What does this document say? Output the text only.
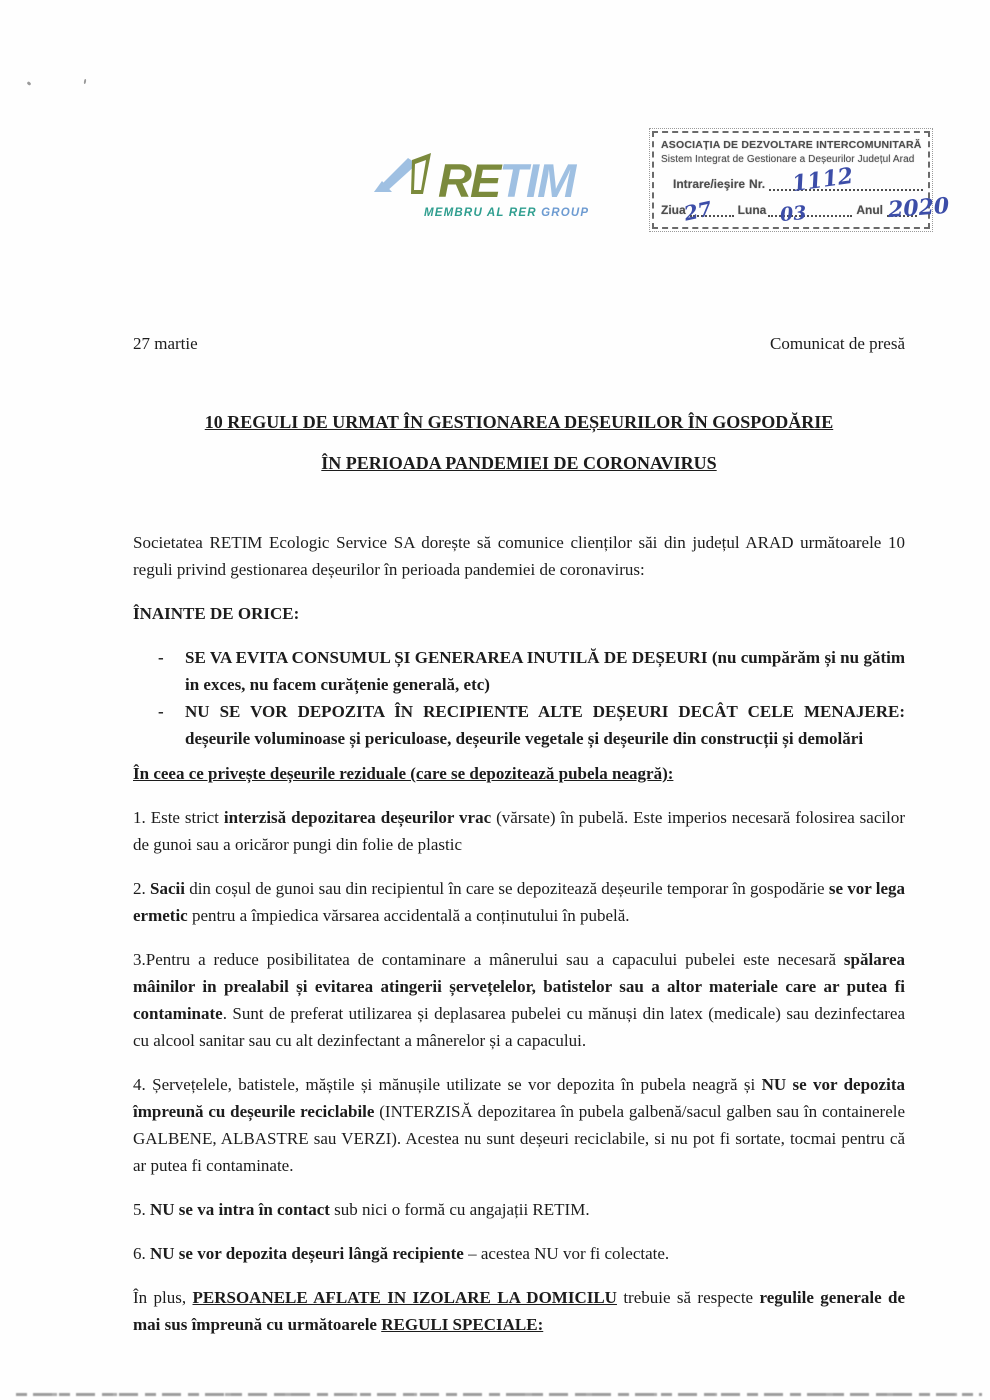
RETIM
MEMBRU AL RER GROUP
ASOCIAȚIA DE DEZVOLTARE INTERCOMUNITARĂ
Sistem Integrat de Gestionare a Deșeurilor Județul Arad
Intrare/ieşire Nr.
Ziua	Luna	Anul
1112
27	03	2020
27 martie	Comunicat de presă
10 REGULI DE URMAT ÎN GESTIONAREA DEȘEURILOR ÎN GOSPODĂRIE
ÎN PERIOADA PANDEMIEI DE CORONAVIRUS

Societatea RETIM Ecologic Service SA dorește să comunice clienților săi din județul ARAD următoarele 10 reguli privind gestionarea deșeurilor în perioada pandemiei de coronavirus:

ÎNAINTE DE ORICE:

- SE VA EVITA CONSUMUL ȘI GENERAREA INUTILĂ DE DEȘEURI (nu cumpărăm și nu gătim in exces, nu facem curățenie generală, etc)
- NU SE VOR DEPOZITA ÎN RECIPIENTE ALTE DEȘEURI DECÂT CELE MENAJERE: deșeurile voluminoase și periculoase, deșeurile vegetale și deșeurile din construcții și demolări

În ceea ce privește deșeurile reziduale (care se depozitează pubela neagră):

1. Este strict interzisă depozitarea deșeurilor vrac (vărsate) în pubelă. Este imperios necesară folosirea sacilor de gunoi sau a oricăror pungi din folie de plastic

2. Sacii din coșul de gunoi sau din recipientul în care se depozitează deșeurile temporar în gospodărie se vor lega ermetic pentru a împiedica vărsarea accidentală a conținutului în pubelă.

3.Pentru a reduce posibilitatea de contaminare a mânerului sau a capacului pubelei este necesară spălarea mâinilor in prealabil și evitarea atingerii șervețelelor, batistelor sau a altor materiale care ar putea fi contaminate. Sunt de preferat utilizarea și deplasarea pubelei cu mănuși din latex (medicale) sau dezinfectarea cu alcool sanitar sau cu alt dezinfectant a mânerelor și a capacului.

4. Șervețelele, batistele, măștile și mănușile utilizate se vor depozita în pubela neagră și NU se vor depozita împreună cu deșeurile reciclabile (INTERZISĂ depozitarea în pubela galbenă/sacul galben sau în containerele GALBENE, ALBASTRE sau VERZI). Acestea nu sunt deșeuri reciclabile, si nu pot fi sortate, tocmai pentru că ar putea fi contaminate.

5. NU se va intra în contact sub nici o formă cu angajații RETIM.

6. NU se vor depozita deșeuri lângă recipiente – acestea NU vor fi colectate.

În plus, PERSOANELE AFLATE IN IZOLARE LA DOMICILU trebuie să respecte regulile generale de mai sus împreună cu următoarele REGULI SPECIALE:
